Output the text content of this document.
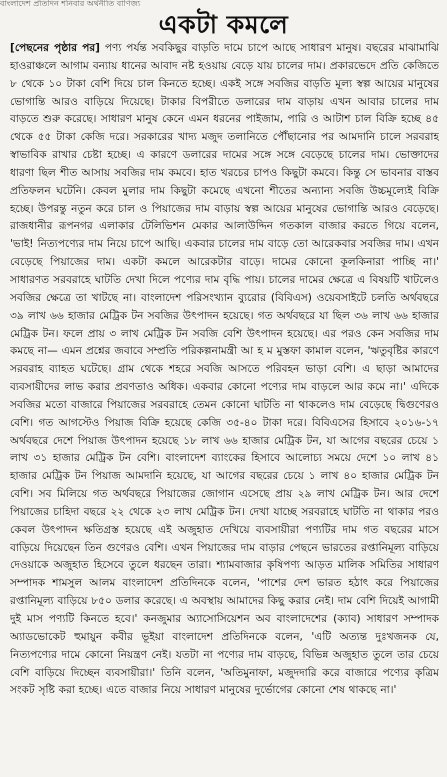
বাংলাদেশ প্রতিদিন শনিবার অর্থনীতি বাণিজ্য
একটা কমলে

[পেছনের পৃষ্ঠার পর] পণ্য পর্যন্ত সবকিছুর বাড়তি দামে চাপে আছে সাধারণ মানুষ। বছরের মাঝামাঝি হাওরাঞ্চলে আগাম বন্যায় ধানের আবাদ নষ্ট হওয়ায় বেড়ে যায় চালের দাম। প্রকারভেদে প্রতি কেজিতে ৮ থেকে ১০ টাকা বেশি দিয়ে চাল কিনতে হচ্ছে। একই সঙ্গে সবজির বাড়তি মূল্য স্বল্প আয়ের মানুষের ভোগান্তি আরও বাড়িয়ে দিয়েছে। টাকার বিপরীতে ডলারের দাম বাড়ায় এখন আবার চালের দাম বাড়তে শুরু করেছে। সাধারণ মানুষ কেনে এমন ধরনের পাইজাম, পারি ও আটাশ চাল বিক্রি হচ্ছে ৪৫ থেকে ৫৫ টাকা কেজি দরে। সরকারের খাদ্য মজুদ তলানিতে পৌঁছানোর পর আমদানি চালে সরবরাহ স্বাভাবিক রাখার চেষ্টা হচ্ছে। এ কারণে ডলারের দামের সঙ্গে সঙ্গে বেড়েছে চালের দাম। ভোক্তাদের ধারণা ছিল শীত আসায় সবজির দাম কমবে। হাত খরচের চাপও কিছুটা কমবে। কিন্তু সে ভাবনার বাস্তব প্রতিফলন ঘটেনি। কেবল মুলার দাম কিছুটা কমেছে এখনো শীতের অন্যান্য সবজি উচ্চমূল্যেই বিক্রি হচ্ছে। উপরন্তু নতুন করে চাল ও পিয়াজের দাম বাড়ায় স্বল্প আয়ের মানুষের ভোগান্তি আরও বেড়েছে। রাজধানীর রূপনগর এলাকার টেলিভিশন মেকার আলাউদ্দিন গতকাল বাজার করতে গিয়ে বলেন, 'ভাই! নিত্যপণ্যের দাম নিয়ে চাপে আছি। একবার চালের দাম বাড়ে তো আরেকবার সবজির দাম। এখন বেড়েছে পিয়াজের দাম। একটা কমলে আরেকটার বাড়ে। দামের কোনো কূলকিনারা পাচ্ছি না।' সাধারণত সরবরাহে ঘাটতি দেখা দিলে পণ্যের দাম বৃদ্ধি পায়। চালের দামের ক্ষেত্রে এ বিষয়টি খাটলেও সবজির ক্ষেত্রে তা খাটছে না। বাংলাদেশ পরিসংখ্যান ব্যুরোর (বিবিএস) ওয়েবসাইটে চলতি অর্থবছরে ৩৯ লাখ ৬৬ হাজার মেট্রিক টন সবজির উৎপাদন হয়েছে। গত অর্থবছরে যা ছিল ৩৬ লাখ ৬৬ হাজার মেট্রিক টন। ফলে প্রায় ৩ লাখ মেট্রিক টন সবজি বেশি উৎপাদন হয়েছে। এর পরও কেন সবজির দাম কমছে না— এমন প্রশ্নের জবাবে সম্প্রতি পরিকল্পনামন্ত্রী আ হ ম মুস্তফা কামাল বলেন, 'ঋতুবৃষ্টির কারণে সরবরাহ ব্যাহত ঘটেছে। গ্রাম থেকে শহরে সবজি আসতে পরিবহন ভাড়া বেশি। এ ছাড়া আমাদের ব্যবসায়ীদের লাভ করার প্রবণতাও অধিক। একবার কোনো পণ্যের দাম বাড়লে আর কমে না।' এদিকে সবজির মতো বাজারে পিয়াজের সরবরাহে তেমন কোনো ঘাটতি না থাকলেও দাম বেড়েছে দ্বিগুণেরও বেশি। গত আগস্টেও পিয়াজ বিক্রি হয়েছে কেজি ৩৫-৪০ টাকা দরে। বিবিএসের হিসাবে ২০১৬-১৭ অর্থবছরে দেশে পিয়াজ উৎপাদন হয়েছে ১৮ লাখ ৬৬ হাজার মেট্রিক টন, যা আগের বছরের চেয়ে ১ লাখ ৩১ হাজার মেট্রিক টন বেশি। বাংলাদেশ ব্যাংকের হিসাবে আলোচ্য সময়ে দেশে ১০ লাখ ৪১ হাজার মেট্রিক টন পিয়াজ আমদানি হয়েছে, যা আগের বছরের চেয়ে ১ লাখ ৪০ হাজার মেট্রিক টন বেশি। সব মিলিয়ে গত অর্থবছরে পিয়াজের জোগান এসেছে প্রায় ২৯ লাখ মেট্রিক টন। আর দেশে পিয়াজের চাহিদা বছরে ২২ থেকে ২৩ লাখ মেট্রিক টন। দেখা যাচ্ছে সরবরাহে ঘাটতি না থাকার পরও কেবল উৎপাদন ক্ষতিগ্রস্ত হয়েছে এই অজুহাত দেখিয়ে ব্যবসায়ীরা পণ্যটির দাম গত বছরের মাসে বাড়িয়ে দিয়েছেন তিন গুণেরও বেশি। এখন পিয়াজের দাম বাড়ার পেছনে ভারতের রপ্তানিমূল্য বাড়িয়ে দেওয়াকে অজুহাত হিসেবে তুলে ধরছেন তারা। শ্যামবাজার কৃষিপণ্য আড়ত মালিক সমিতির সাধারণ সম্পাদক শামসুল আলম বাংলাদেশ প্রতিদিনকে বলেন, 'পাশের দেশ ভারত হঠাৎ করে পিয়াজের রপ্তানিমূল্য বাড়িয়ে ৮৫০ ডলার করেছে। এ অবস্থায় আমাদের কিছু করার নেই। দাম বেশি দিয়েই আগামী দুই মাস পণ্যটি কিনতে হবে।' কনজুমার অ্যাসোসিয়েশন অব বাংলাদেশের (ক্যাব) সাধারণ সম্পাদক অ্যাডভোকেট হুমায়ুন কবীর ভূইয়া বাংলাদেশ প্রতিদিনকে বলেন, 'এটি অত্যন্ত দুঃখজনক যে, নিত্যপণ্যের দামে কোনো নিয়ন্ত্রণ নেই। যতটা না পণ্যের দাম বাড়ছে, বিভিন্ন অজুহাত তুলে তার চেয়ে বেশি বাড়িয়ে দিচ্ছেন ব্যবসায়ীরা।' তিনি বলেন, 'অতিমুনাফা, মজুদদারি করে বাজারে পণ্যের কৃত্রিম সংকট সৃষ্টি করা হচ্ছে। এতে বাজার নিয়ে সাধারণ মানুষের দুর্ভোগের কোনো শেষ থাকছে না।'
